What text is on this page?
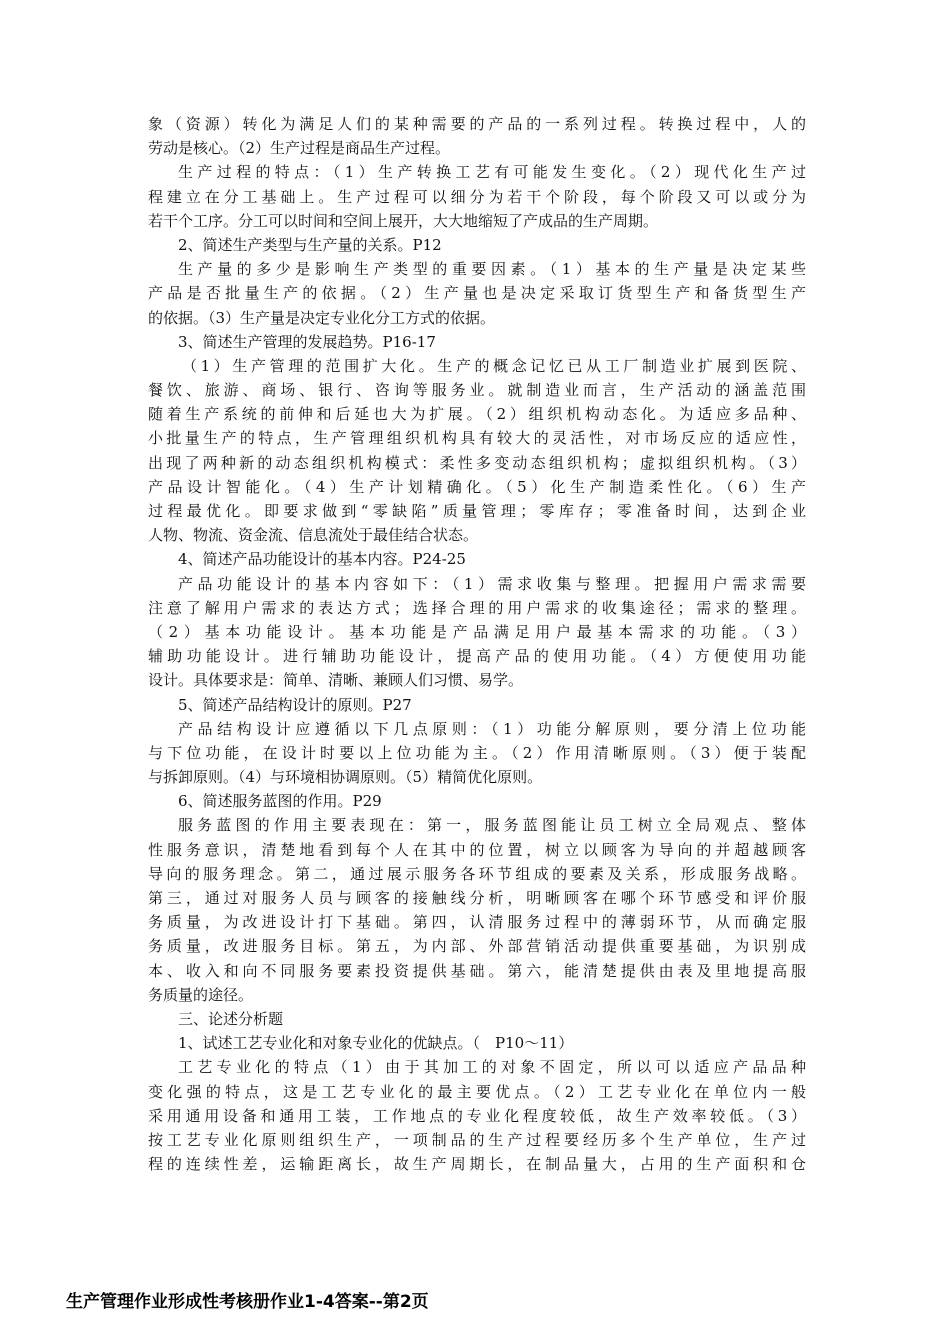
象（资源）转化为满足人们的某种需要的产品的一系列过程。转换过程中，人的
劳动是核心。（2）生产过程是商品生产过程。
生产过程的特点：（1）生产转换工艺有可能发生变化。（2）现代化生产过
程建立在分工基础上。生产过程可以细分为若干个阶段，每个阶段又可以或分为
若干个工序。分工可以时间和空间上展开，大大地缩短了产成品的生产周期。
2、简述生产类型与生产量的关系。P12
生产量的多少是影响生产类型的重要因素。（1）基本的生产量是决定某些
产品是否批量生产的依据。（2）生产量也是决定采取订货型生产和备货型生产
的依据。（3）生产量是决定专业化分工方式的依据。
3、简述生产管理的发展趋势。P16-17
（1）生产管理的范围扩大化。生产的概念记忆已从工厂制造业扩展到医院、
餐饮、旅游、商场、银行、咨询等服务业。就制造业而言，生产活动的涵盖范围
随着生产系统的前伸和后延也大为扩展。（2）组织机构动态化。为适应多品种、
小批量生产的特点，生产管理组织机构具有较大的灵活性，对市场反应的适应性，
出现了两种新的动态组织机构模式：柔性多变动态组织机构；虚拟组织机构。（3）
产品设计智能化。（4）生产计划精确化。（5）化生产制造柔性化。（6）生产
过程最优化。即要求做到“零缺陷”质量管理；零库存；零准备时间，达到企业
人物、物流、资金流、信息流处于最佳结合状态。
4、简述产品功能设计的基本内容。P24-25
产品功能设计的基本内容如下：（1）需求收集与整理。把握用户需求需要
注意了解用户需求的表达方式；选择合理的用户需求的收集途径；需求的整理。
（2）基本功能设计。基本功能是产品满足用户最基本需求的功能。（3）
辅助功能设计。进行辅助功能设计，提高产品的使用功能。（4）方便使用功能
设计。具体要求是：简单、清晰、兼顾人们习惯、易学。
5、简述产品结构设计的原则。P27
产品结构设计应遵循以下几点原则：（1）功能分解原则，要分清上位功能
与下位功能，在设计时要以上位功能为主。（2）作用清晰原则。（3）便于装配
与拆卸原则。（4）与环境相协调原则。（5）精简优化原则。
6、简述服务蓝图的作用。P29
服务蓝图的作用主要表现在：第一，服务蓝图能让员工树立全局观点、整体
性服务意识，清楚地看到每个人在其中的位置，树立以顾客为导向的并超越顾客
导向的服务理念。第二，通过展示服务各环节组成的要素及关系，形成服务战略。
第三，通过对服务人员与顾客的接触线分析，明晰顾客在哪个环节感受和评价服
务质量，为改进设计打下基础。第四，认清服务过程中的薄弱环节，从而确定服
务质量，改进服务目标。第五，为内部、外部营销活动提供重要基础，为识别成
本、收入和向不同服务要素投资提供基础。第六，能清楚提供由表及里地提高服
务质量的途径。
三、论述分析题
1、试述工艺专业化和对象专业化的优缺点。（　P10～11）
工艺专业化的特点（1）由于其加工的对象不固定，所以可以适应产品品种
变化强的特点，这是工艺专业化的最主要优点。（2）工艺专业化在单位内一般
采用通用设备和通用工装，工作地点的专业化程度较低，故生产效率较低。（3）
按工艺专业化原则组织生产，一项制品的生产过程要经历多个生产单位，生产过
程的连续性差，运输距离长，故生产周期长，在制品量大，占用的生产面积和仓
生产管理作业形成性考核册作业1-4答案--第2页
